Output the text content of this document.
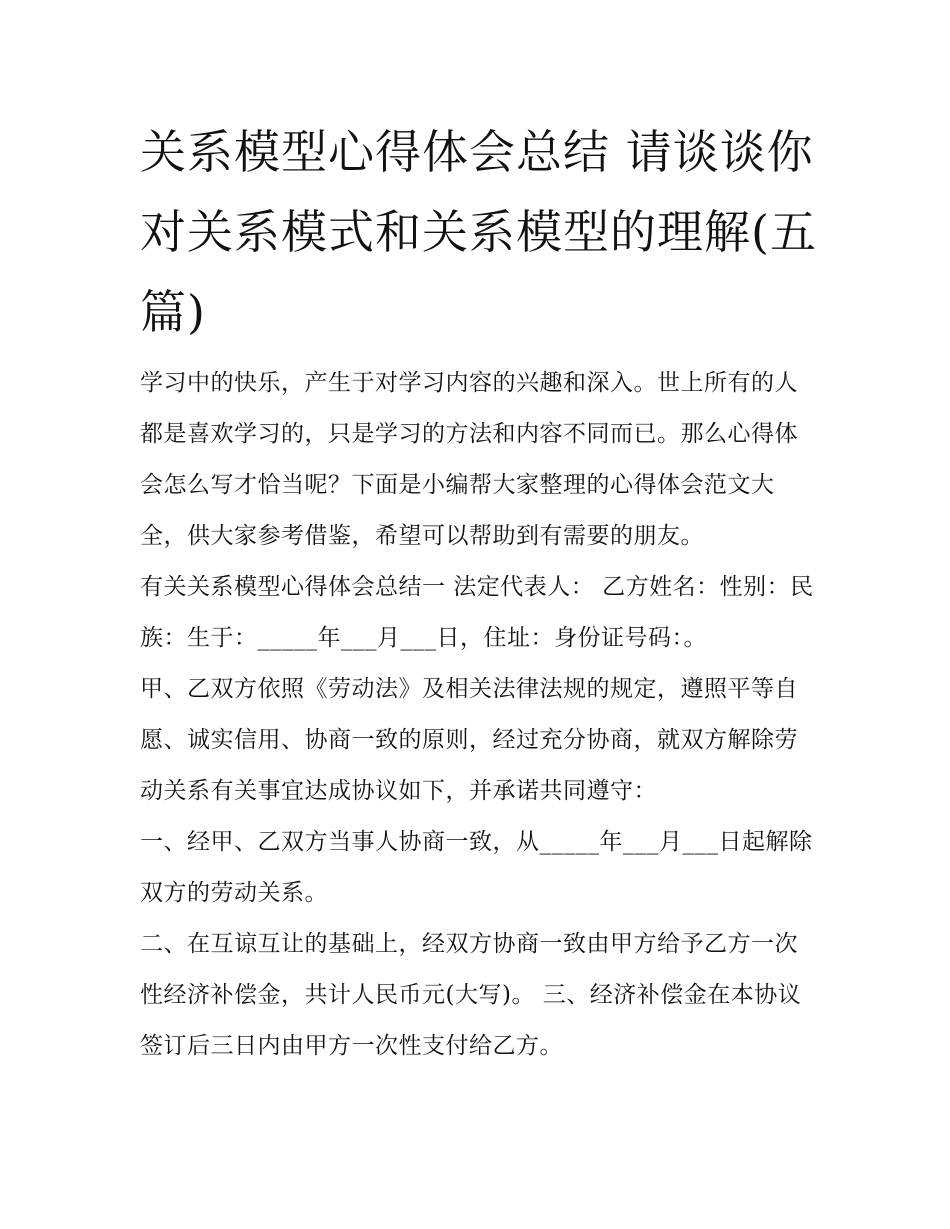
关系模型心得体会总结 请谈谈你对关系模式和关系模型的理解(五篇)

学习中的快乐，产生于对学习内容的兴趣和深入。世上所有的人都是喜欢学习的，只是学习的方法和内容不同而已。那么心得体会怎么写才恰当呢？下面是小编帮大家整理的心得体会范文大全，供大家参考借鉴，希望可以帮助到有需要的朋友。

有关关系模型心得体会总结一 法定代表人： 乙方姓名：性别：民族：生于：_____年___月___日，住址：身份证号码：。

甲、乙双方依照《劳动法》及相关法律法规的规定，遵照平等自愿、诚实信用、协商一致的原则，经过充分协商，就双方解除劳动关系有关事宜达成协议如下，并承诺共同遵守：

一、经甲、乙双方当事人协商一致，从_____年___月___日起解除双方的劳动关系。

二、在互谅互让的基础上，经双方协商一致由甲方给予乙方一次性经济补偿金，共计人民币元(大写)。 三、经济补偿金在本协议签订后三日内由甲方一次性支付给乙方。
